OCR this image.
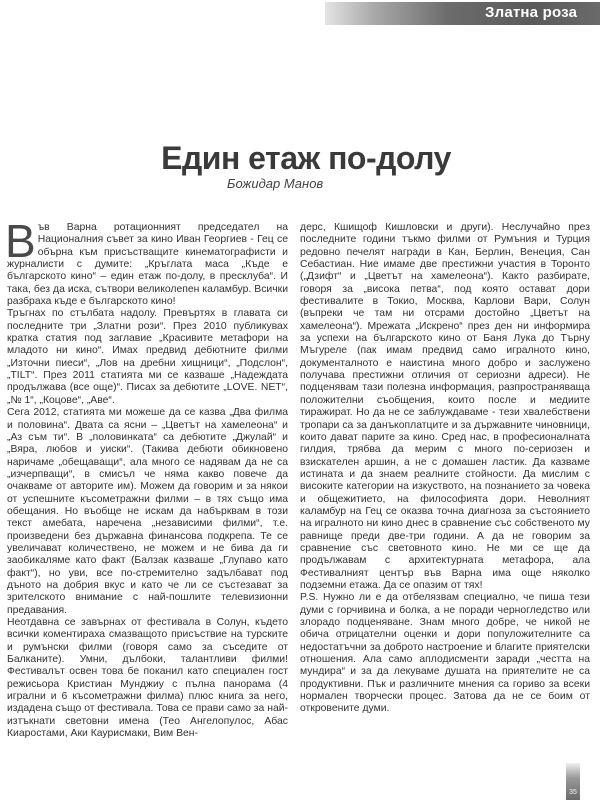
Златна роза
Един етаж по-долу
Божидар Манов

Във Варна ротационният председател на Националния съвет за кино Иван Георгиев - Гец се обърна към присъстващите кинематографисти и журналисти с думите: „Кръглата маса „Къде е българското кино“ – един етаж по-долу, в пресклуба“. И така, без да иска, сътвори великолепен каламбур. Всички разбраха къде е българското кино!

Тръгнах по стълбата надолу. Превъртях в главата си последните три „Златни рози“. През 2010 публикувах кратка статия под заглавие „Красивите метафори на младото ни кино“. Имах предвид дебютните филми „Източни пиеси“, „Лов на дребни хищници“, „Подслон“, „TILT“. През 2011 статията ми се казваше „Надеждата продължава (все още)“. Писах за дебютите „LOVE. NET“, „№ 1“, „Коцове“, „Аве“.

Сега 2012, статията ми можеше да се казва „Два филма и половина“. Двата са ясни – „Цветът на хамелеона“ и „Аз съм ти“. В „половинката“ са дебютите „Джулай“ и „Вяра, любов и уиски“. (Такива дебюти обикновено наричаме „обещаващи“, ала много се надявам да не са „изчерпващи“, в смисъл че няма какво повече да очакваме от авторите им). Можем да говорим и за някои от успешните късометражни филми – в тях също има обещания. Но въобще не искам да набърквам в този текст амебата, наречена „независими филми“, т.е. произведени без държавна финансова подкрепа. Те се увеличават количествено, не можем и не бива да ги заобикаляме като факт (Балзак казваше „Глупаво като факт“), но уви, все по-стремително задълбават под дъното на добрия вкус и като че ли се състезават за зрителското внимание с най-пошлите телевизионни предавания.

Неотдавна се завърнах от фестивала в Солун, където всички коментираха смазващото присъствие на турските и румънски филми (говоря само за съседите от Балканите). Умни, дълбоки, талантливи филми! Фестивалът освен това бе поканил като специален гост режисьора Кристиан Мунджиу с пълна панорама (4 игрални и 6 късометражни филма) плюс книга за него, издадена също от фестивала. Това се прави само за най-изтъкнати световни имена (Тео Ангелопулос, Абас Киаростами, Аки Каурисмаки, Вим Вен-

дерс, Кшищоф Кишловски и други). Неслучайно през последните години тъкмо филми от Румъния и Турция редовно печелят награди в Кан, Берлин, Венеция, Сан Себастиан. Ние имаме две престижни участия в Торонто („Дзифт“ и „Цветът на хамелеона“). Както разбирате, говоря за „висока петва“, под която остават дори фестивалите в Токио, Москва, Карлови Вари, Солун (въпреки че там ни отсрами достойно „Цветът на хамелеона“). Мрежата „Искрено“ през ден ни информира за успехи на българското кино от Баня Лука до Търну Мъгуреле (пак имам предвид само игралното кино, документалното е наистина много добро и заслужено получава престижни отличия от сериозни адреси). Не подценявам тази полезна информация, разпространяваща положителни съобщения, които после и медиите тиражират. Но да не се заблуждаваме - тези хвалебствени тропари са за данъкоплатците и за държавните чиновници, които дават парите за кино. Сред нас, в професионалната гилдия, трябва да мерим с много по-сериозен и взискателен аршин, а не с домашен ластик. Да казваме истината и да знаем реалните стойности. Да мислим с високите категории на изкуството, на познанието за човека и общежитието, на философията дори. Неволният каламбур на Гец се оказва точна диагноза за състоянието на игралното ни кино днес в сравнение със собственото му равнище преди две-три години. А да не говорим за сравнение със световното кино. Не ми се ще да продължавам с архитектурната метафора, ала Фестивалният център във Варна има още няколко подземни етажа. Да се опазим от тях!

P.S. Нужно ли е да отбелязвам специално, че пиша тези думи с горчивина и болка, а не поради черногледство или злорадо подценяване. Знам много добре, че никой не обича отрицателни оценки и дори популожителните са недостатъчни за доброто настроение и благите приятелски отношения. Ала само аплодисменти заради „честта на мундира“ и за да лекуваме душата на приятелите не са продуктивни. Пък и различните мнения са гориво за всеки нормален творчески процес. Затова да не се боим от откровените думи.

35
